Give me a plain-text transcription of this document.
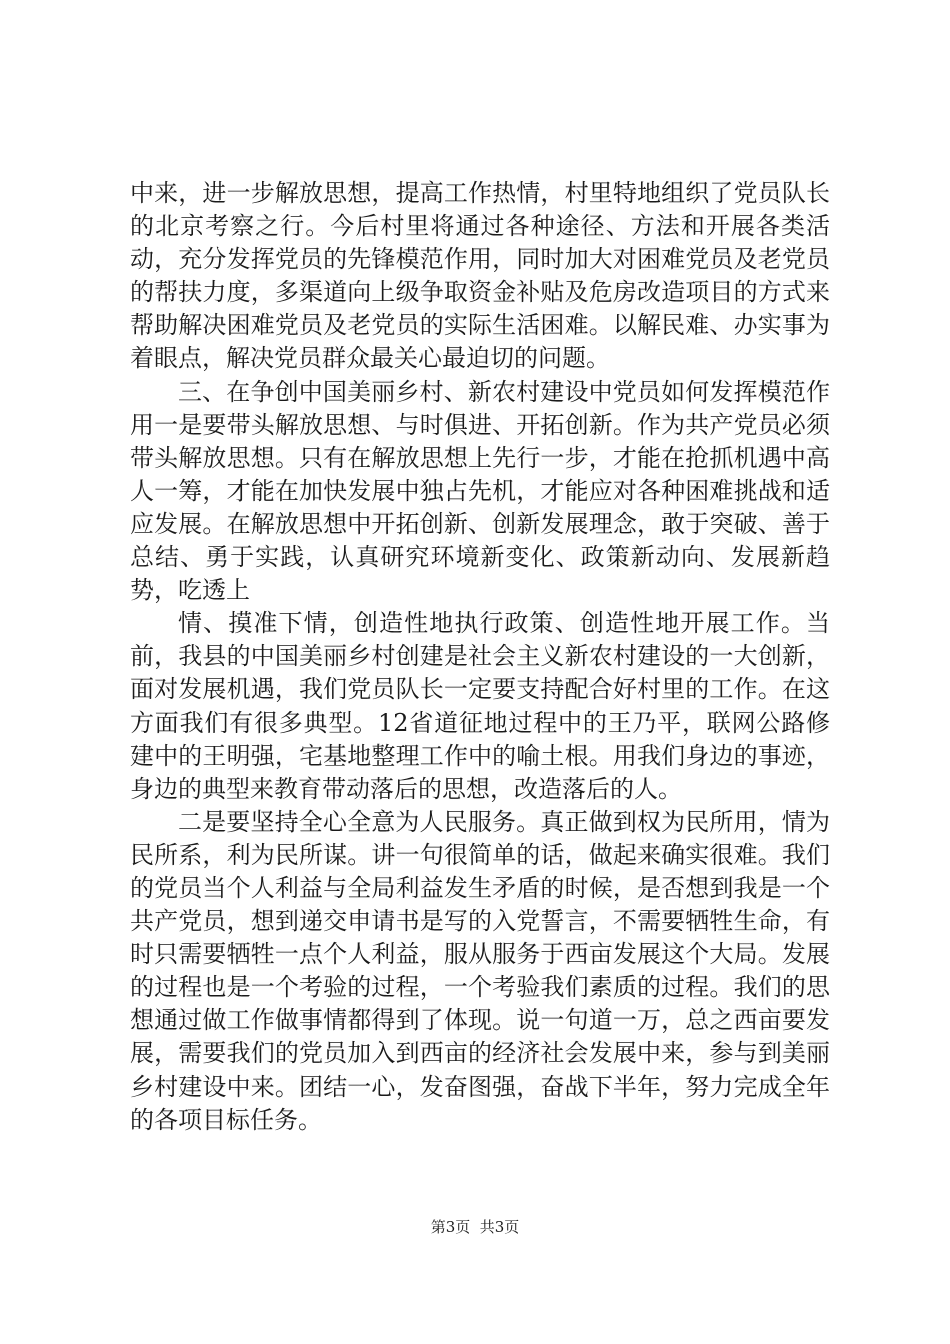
中来，进一步解放思想，提高工作热情，村里特地组织了党员队长的北京考察之行。今后村里将通过各种途径、方法和开展各类活动，充分发挥党员的先锋模范作用，同时加大对困难党员及老党员的帮扶力度，多渠道向上级争取资金补贴及危房改造项目的方式来帮助解决困难党员及老党员的实际生活困难。以解民难、办实事为着眼点，解决党员群众最关心最迫切的问题。

三、在争创中国美丽乡村、新农村建设中党员如何发挥模范作用一是要带头解放思想、与时俱进、开拓创新。作为共产党员必须带头解放思想。只有在解放思想上先行一步，才能在抢抓机遇中高人一筹，才能在加快发展中独占先机，才能应对各种困难挑战和适应发展。在解放思想中开拓创新、创新发展理念，敢于突破、善于总结、勇于实践，认真研究环境新变化、政策新动向、发展新趋势，吃透上

情、摸准下情，创造性地执行政策、创造性地开展工作。当前，我县的中国美丽乡村创建是社会主义新农村建设的一大创新，面对发展机遇，我们党员队长一定要支持配合好村里的工作。在这方面我们有很多典型。12省道征地过程中的王乃平，联网公路修建中的王明强，宅基地整理工作中的喻土根。用我们身边的事迹，身边的典型来教育带动落后的思想，改造落后的人。

二是要坚持全心全意为人民服务。真正做到权为民所用，情为民所系，利为民所谋。讲一句很简单的话，做起来确实很难。我们的党员当个人利益与全局利益发生矛盾的时候，是否想到我是一个共产党员，想到递交申请书是写的入党誓言，不需要牺牲生命，有时只需要牺牲一点个人利益，服从服务于西亩发展这个大局。发展的过程也是一个考验的过程，一个考验我们素质的过程。我们的思想通过做工作做事情都得到了体现。说一句道一万，总之西亩要发展，需要我们的党员加入到西亩的经济社会发展中来，参与到美丽乡村建设中来。团结一心，发奋图强，奋战下半年，努力完成全年的各项目标任务。

第3页  共3页
